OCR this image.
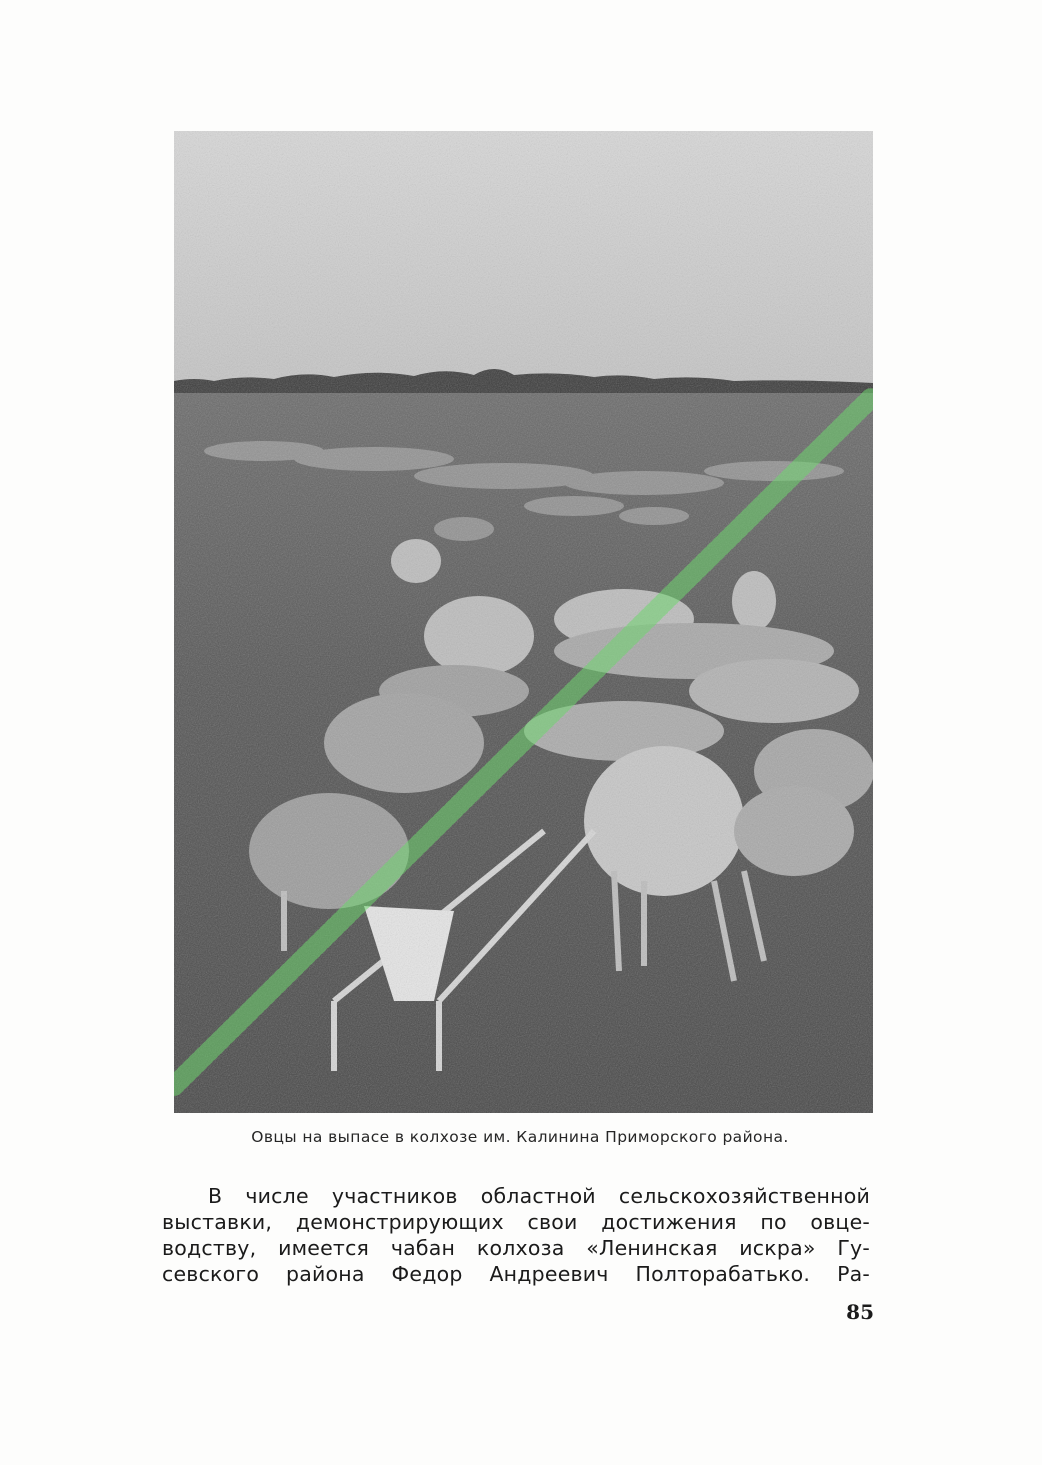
Овцы на выпасе в колхозе им. Калинина Приморского района.
В числе участников областной сельскохозяйственной
выставки, демонстрирующих свои достижения по овце-
водству, имеется чабан колхоза «Ленинская искра» Гу-
севского района Федор Андреевич Полторабатько. Ра-
85
